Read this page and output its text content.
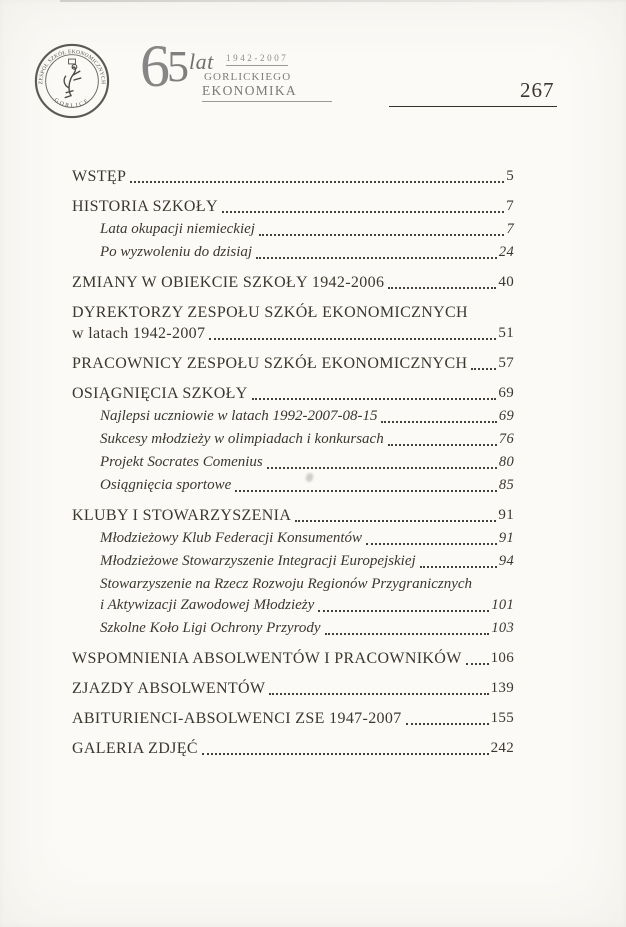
ZESPÓŁ SZKÓŁ EKONOMICZNYCH
GORLICE
6
5 lat 1942-2007
GORLICKIEGO
EKONOMIKA	267
WSTĘP	5
HISTORIA SZKOŁY	7
Lata okupacji niemieckiej	7
Po wyzwoleniu do dzisiaj	24
ZMIANY W OBIEKCIE SZKOŁY 1942-2006	40
DYREKTORZY ZESPOŁU SZKÓŁ EKONOMICZNYCH
w latach 1942-2007	51
PRACOWNICY ZESPOŁU SZKÓŁ EKONOMICZNYCH 57
OSIĄGNIĘCIA SZKOŁY	69
Najlepsi uczniowie w latach 1992-2007-08-15	69
Sukcesy młodzieży w olimpiadach i konkursach	76
Projekt Socrates Comenius	80
Osiągnięcia sportowe	85
KLUBY I STOWARZYSZENIA	91
Młodzieżowy Klub Federacji Konsumentów	91
Młodzieżowe Stowarzyszenie Integracji Europejskiej	94
Stowarzyszenie na Rzecz Rozwoju Regionów Przygranicznych
i Aktywizacji Zawodowej Młodzieży	101
Szkolne Koło Ligi Ochrony Przyrody	103
WSPOMNIENIA ABSOLWENTÓW I PRACOWNIKÓW 106
ZJAZDY ABSOLWENTÓW	139
ABITURIENCI-ABSOLWENCI ZSE 1947-2007	155
GALERIA ZDJĘĆ	242
